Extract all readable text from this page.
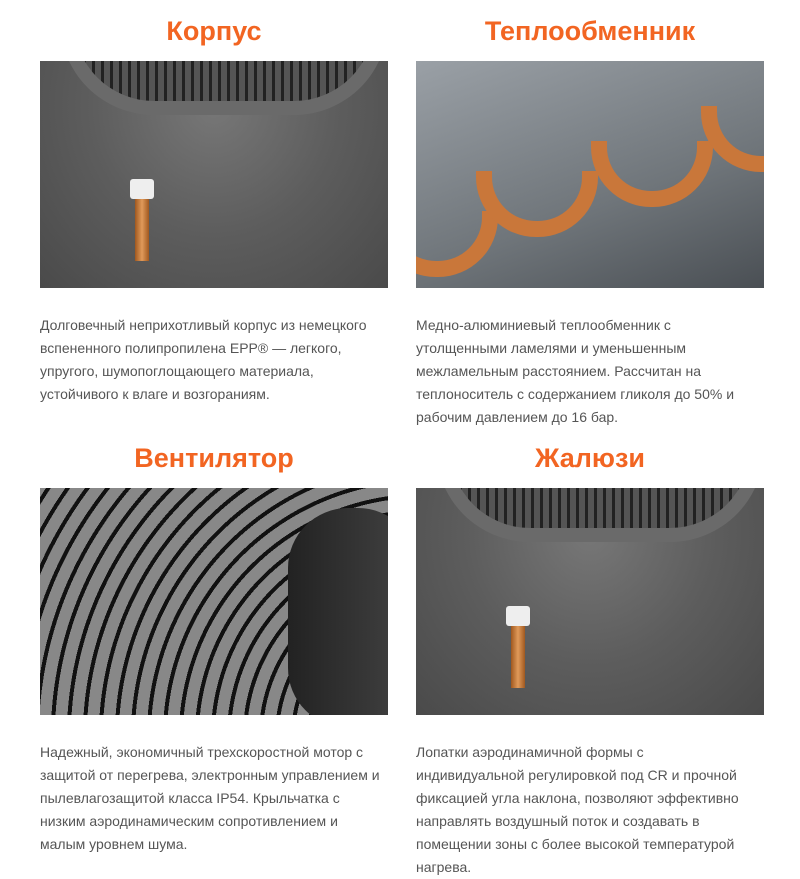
Корпус
Долговечный неприхотливый корпус из немецкого
вспененного полипропилена EPP® — легкого,
упругого, шумопоглощающего материала,
устойчивого к влаге и возгораниям.
Теплообменник
Медно-алюминиевый теплообменник с
утолщенными ламелями и уменьшенным
межламельным расстоянием. Рассчитан на
теплоноситель с содержанием гликоля до 50% и
рабочим давлением до 16 бар.
Вентилятор
Надежный, экономичный трехскоростной мотор с
защитой от перегрева, электронным управлением и
пылевлагозащитой класса IP54. Крыльчатка с
низким аэродинамическим сопротивлением и
малым уровнем шума.
Жалюзи
Лопатки аэродинамичной формы с
индивидуальной регулировкой под CR и прочной
фиксацией угла наклона, позволяют эффективно
направлять воздушный поток и создавать в
помещении зоны с более высокой температурой
нагрева.
